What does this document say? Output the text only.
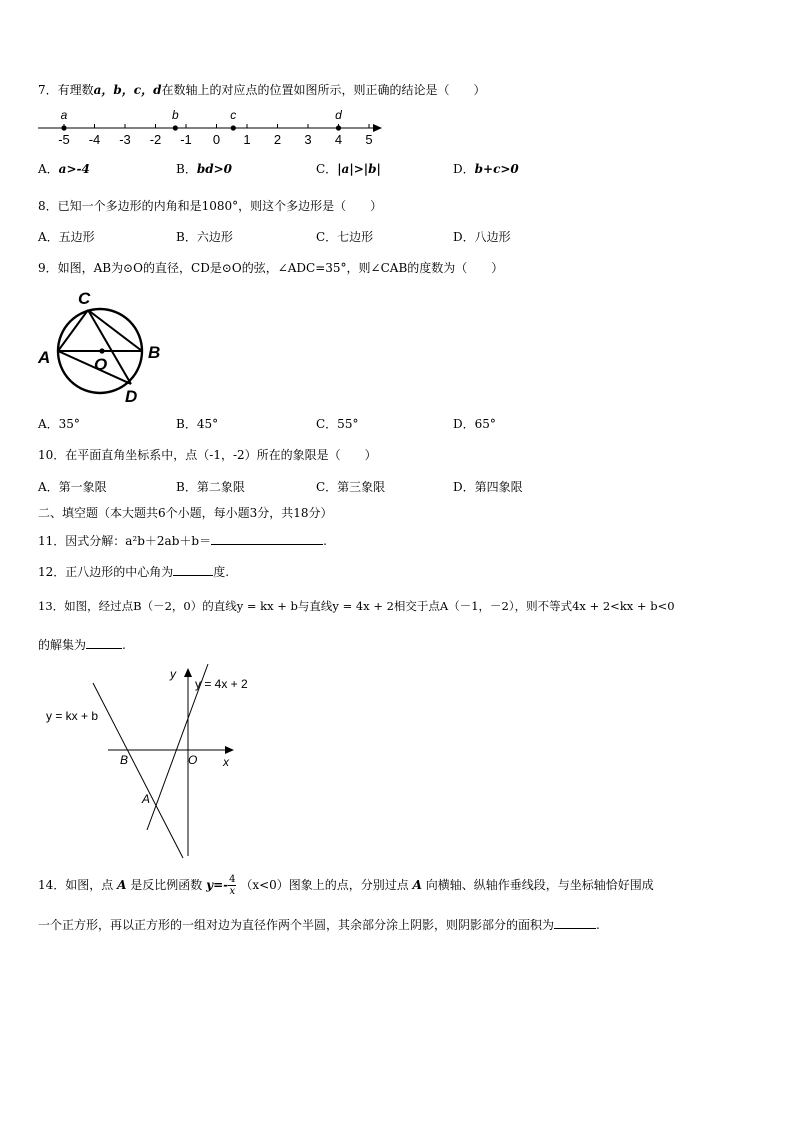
7．有理数a，b，c，d在数轴上的对应点的位置如图所示，则正确的结论是（　　）
-5 -4 -3 -2 -1 0 1 2 3 4 5
a	b	c	d
A．a>-4	B．bd>0	C．|a|>|b|	D．b+c>0
8．已知一个多边形的内角和是1080°，则这个多边形是（　　）
A．五边形	B．六边形	C．七边形	D．八边形
9．如图，AB为⊙O的直径，CD是⊙O的弦，∠ADC=35°，则∠CAB的度数为（　　）
C
A	O
B
D
A．35°	B．45°	C．55°	D．65°
10．在平面直角坐标系中，点（-1，-2）所在的象限是（　　）
A．第一象限	B．第二象限	C．第三象限	D．第四象限
二、填空题（本大题共6个小题，每小题3分，共18分）
11．因式分解：a²b＋2ab＋b＝	.
12．正八边形的中心角为	度.
13．如图，经过点B（－2，0）的直线y = kx + b与直线y = 4x + 2相交于点A（－1，－2），则不等式4x + 2<kx + b<0
的解集为	.
y
x
y = 4x + 2
y = kx + b
B	O
A
14．如图，点 A 是反比例函数 $y=- \frac{4}{x} (x<0)$图象上的点，分别过点 A 向横轴、纵轴作垂线段，与坐标轴恰好围成
一个正方形，再以正方形的一组对边为直径作两个半圆，其余部分涂上阴影，则阴影部分的面积为	.
